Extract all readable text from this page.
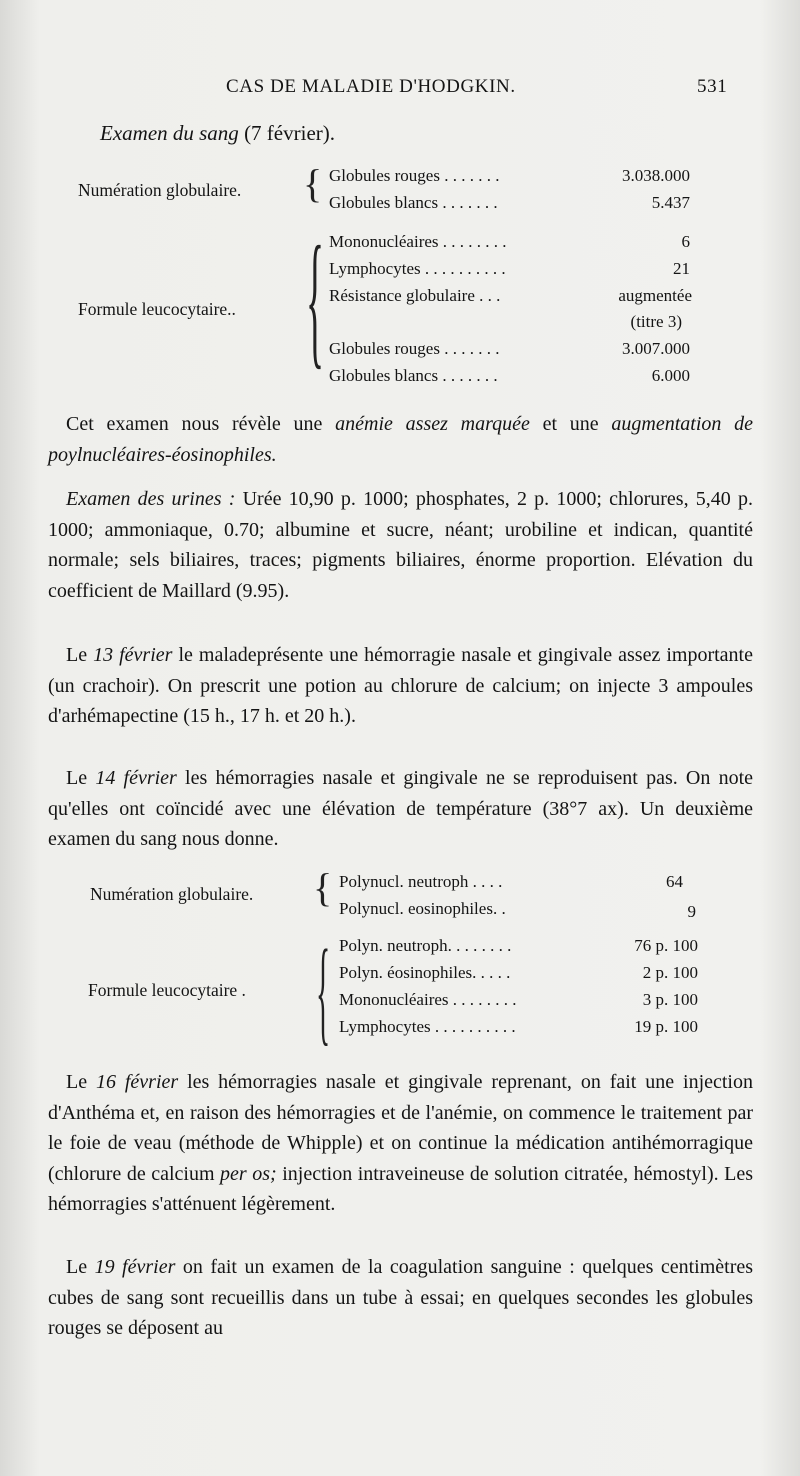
CAS DE MALADIE D'HODGKIN.	531
Examen du sang (7 février).
Numération globulaire. { Globules rouges . . . . . . .	3.038.000
Globules blancs . . . . . . .	5.437
Formule leucocytaire.. { Mononucléaires . . . . . . . .	6
Lymphocytes . . . . . . . . . .	21
Résistance globulaire . . .	augmentée
(titre 3)
Globules rouges . . . . . . .	3.007.000
Globules blancs . . . . . . .	6.000
Cet examen nous révèle une anémie assez marquée et une augmentation de poylnucléaires-éosinophiles.
Examen des urines : Urée 10,90 p. 1000; phosphates, 2 p. 1000; chlorures, 5,40 p. 1000; ammoniaque, 0.70; albumine et sucre, néant; urobiline et indican, quantité normale; sels biliaires, traces; pigments biliaires, énorme proportion. Elévation du coefficient de Maillard (9.95).
Le 13 février le maladeprésente une hémorragie nasale et gingivale assez importante (un crachoir). On prescrit une potion au chlorure de calcium; on injecte 3 ampoules d'arhémapectine (15 h., 17 h. et 20 h.).
Le 14 février les hémorragies nasale et gingivale ne se reproduisent pas. On note qu'elles ont coïncidé avec une élévation de température (38°7 ax). Un deuxième examen du sang nous donne.
Numération globulaire. { Polynucl. neutroph . . . .	64
Polynucl. eosinophiles. .	9
Formule leucocytaire . { Polyn. neutroph. . . . . . . .	76 p. 100
Polyn. éosinophiles. . . . .	2 p. 100
Mononucléaires . . . . . . . .	3 p. 100
Lymphocytes . . . . . . . . . .	19 p. 100
Le 16 février les hémorragies nasale et gingivale reprenant, on fait une injection d'Anthéma et, en raison des hémorragies et de l'anémie, on commence le traitement par le foie de veau (méthode de Whipple) et on continue la médication antihémorragique (chlorure de calcium per os; injection intraveineuse de solution citratée, hémostyl). Les hémorragies s'atténuent légèrement.
Le 19 février on fait un examen de la coagulation sanguine : quelques centimètres cubes de sang sont recueillis dans un tube à essai; en quelques secondes les globules rouges se déposent au
